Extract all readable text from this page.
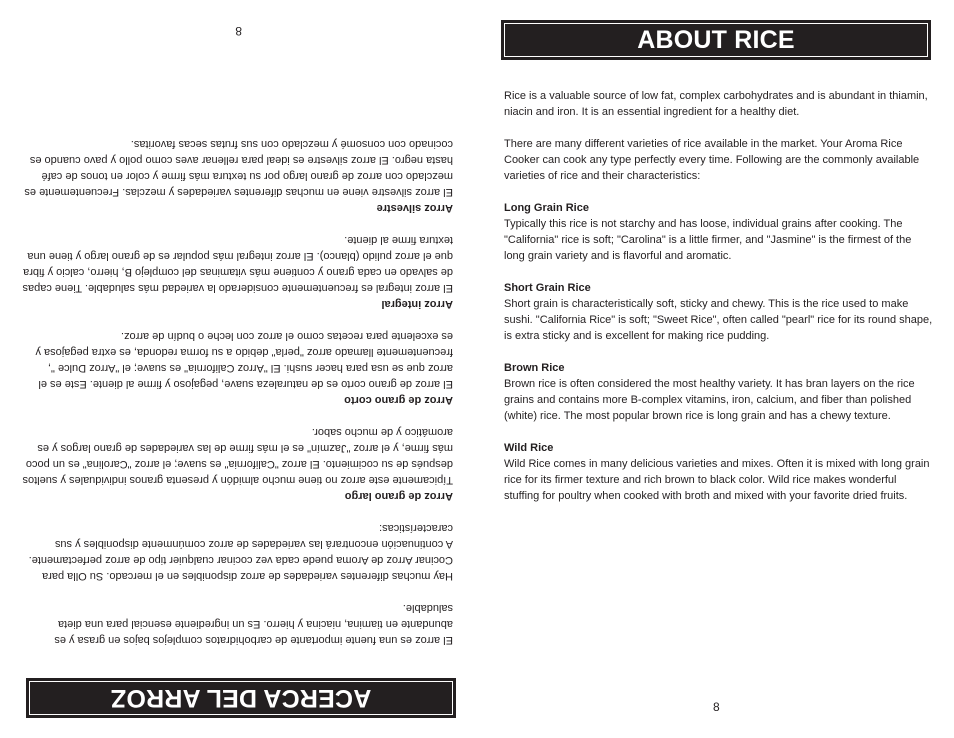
ACERCA DEL ARROZ

El arroz es una fuente importante de carbohidratos complejos bajos en grasa y es abundante en tiamina, niacina y hierro. Es un ingrediente esencial para una dieta saludable.

Hay muchas diferentes variedades de arroz disponibles en el mercado. Su Olla para Cocinar Arroz de Aroma puede cada vez cocinar cualquier tipo de arroz perfectamente. A continuación encontrará las variedades de arroz comúnmente disponibles y sus características:

Arroz de grano largo

Típicamente este arroz no tiene mucho almidón y presenta granos individuales y sueltos después de su cocimiento. El arroz "California" es suave; el arroz "Carolina" es un poco más firme, y el arroz "Jazmín" es el más firme de las variedades de grano largos y es aromático y de mucho sabor.

Arroz de grano corto

El arroz de grano corto es de naturaleza suave, pegajoso y firme al diente. Este es el arroz que se usa para hacer sushi. El "Arroz California" es suave; el "Arroz Dulce ", frecuentemente llamado arroz "perla" debido a su forma redonda, es extra pegajosa y es excelente para recetas como el arroz con leche o budín de arroz.

Arroz integral

El arroz integral es frecuentemente considerado la variedad más saludable. Tiene capas de salvado en cada grano y contiene más vitaminas del complejo B, hierro, calcio y fibra que el arroz pulido (blanco). El arroz integral más popular es de grano largo y tiene una textura firme al diente.

Arroz silvestre

El arroz silvestre viene en muchas diferentes variedades y mezclas. Frecuentemente es mezclado con arroz de grano largo por su textura más firme y color en tonos de café hasta negro. El arroz silvestre es ideal para rellenar aves como pollo y pavo cuando es cocinado con consomé y mezclado con sus frutas secas favoritas.

8	ABOUT RICE

Rice is a valuable source of low fat, complex carbohydrates and is abundant in thiamin, niacin and iron. It is an essential ingredient for a healthy diet.

There are many different varieties of rice available in the market. Your Aroma Rice Cooker can cook any type perfectly every time. Following are the commonly available varieties of rice and their characteristics:

Long Grain Rice

Typically this rice is not starchy and has loose, individual grains after cooking. The "California" rice is soft; "Carolina" is a little firmer, and "Jasmine" is the firmest of the long grain variety and is flavorful and aromatic.

Short Grain Rice

Short grain is characteristically soft, sticky and chewy. This is the rice used to make sushi. "California Rice" is soft; "Sweet Rice", often called "pearl" rice for its round shape, is extra sticky and is excellent for making rice pudding.

Brown Rice

Brown rice is often considered the most healthy variety. It has bran layers on the rice grains and contains more B-complex vitamins, iron, calcium, and fiber than polished (white) rice. The most popular brown rice is long grain and has a chewy texture.

Wild Rice

Wild Rice comes in many delicious varieties and mixes. Often it is mixed with long grain rice for its firmer texture and rich brown to black color. Wild rice makes wonderful stuffing for poultry when cooked with broth and mixed with your favorite dried fruits.

8
